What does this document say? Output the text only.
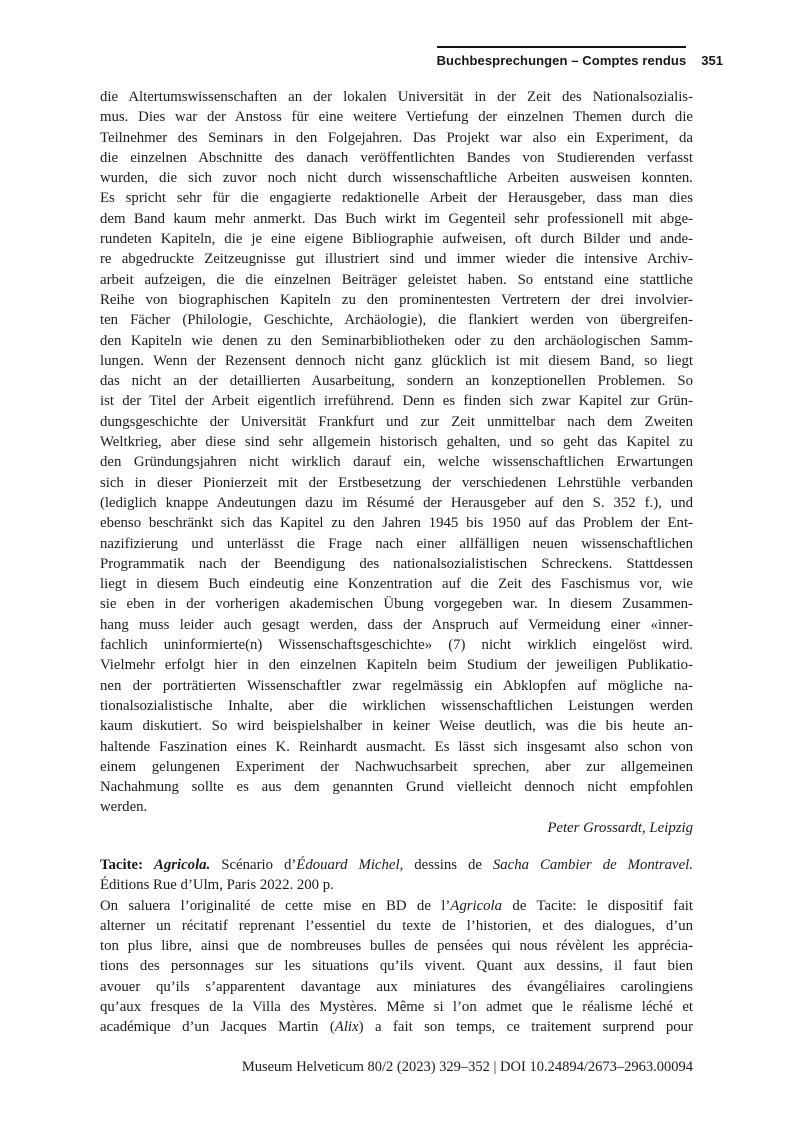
Buchbesprechungen – Comptes rendus 351
die Altertumswissenschaften an der lokalen Universität in der Zeit des Nationalsozialis-
mus. Dies war der Anstoss für eine weitere Vertiefung der einzelnen Themen durch die
Teilnehmer des Seminars in den Folgejahren. Das Projekt war also ein Experiment, da
die einzelnen Abschnitte des danach veröffentlichten Bandes von Studierenden verfasst
wurden, die sich zuvor noch nicht durch wissenschaftliche Arbeiten ausweisen konnten.
Es spricht sehr für die engagierte redaktionelle Arbeit der Herausgeber, dass man dies
dem Band kaum mehr anmerkt. Das Buch wirkt im Gegenteil sehr professionell mit abge-
rundeten Kapiteln, die je eine eigene Bibliographie aufweisen, oft durch Bilder und ande-
re abgedruckte Zeitzeugnisse gut illustriert sind und immer wieder die intensive Archiv-
arbeit aufzeigen, die die einzelnen Beiträger geleistet haben. So entstand eine stattliche
Reihe von biographischen Kapiteln zu den prominentesten Vertretern der drei involvier-
ten Fächer (Philologie, Geschichte, Archäologie), die flankiert werden von übergreifen-
den Kapiteln wie denen zu den Seminarbibliotheken oder zu den archäologischen Samm-
lungen. Wenn der Rezensent dennoch nicht ganz glücklich ist mit diesem Band, so liegt
das nicht an der detaillierten Ausarbeitung, sondern an konzeptionellen Problemen. So
ist der Titel der Arbeit eigentlich irreführend. Denn es finden sich zwar Kapitel zur Grün-
dungsgeschichte der Universität Frankfurt und zur Zeit unmittelbar nach dem Zweiten
Weltkrieg, aber diese sind sehr allgemein historisch gehalten, und so geht das Kapitel zu
den Gründungsjahren nicht wirklich darauf ein, welche wissenschaftlichen Erwartungen
sich in dieser Pionierzeit mit der Erstbesetzung der verschiedenen Lehrstühle verbanden
(lediglich knappe Andeutungen dazu im Résumé der Herausgeber auf den S. 352 f.), und
ebenso beschränkt sich das Kapitel zu den Jahren 1945 bis 1950 auf das Problem der Ent-
nazifizierung und unterlässt die Frage nach einer allfälligen neuen wissenschaftlichen
Programmatik nach der Beendigung des nationalsozialistischen Schreckens. Stattdessen
liegt in diesem Buch eindeutig eine Konzentration auf die Zeit des Faschismus vor, wie
sie eben in der vorherigen akademischen Übung vorgegeben war. In diesem Zusammen-
hang muss leider auch gesagt werden, dass der Anspruch auf Vermeidung einer «inner-
fachlich uninformierte(n) Wissenschaftsgeschichte» (7) nicht wirklich eingelöst wird.
Vielmehr erfolgt hier in den einzelnen Kapiteln beim Studium der jeweiligen Publikatio-
nen der porträtierten Wissenschaftler zwar regelmässig ein Abklopfen auf mögliche na-
tionalsozialistische Inhalte, aber die wirklichen wissenschaftlichen Leistungen werden
kaum diskutiert. So wird beispielshalber in keiner Weise deutlich, was die bis heute an-
haltende Faszination eines K. Reinhardt ausmacht. Es lässt sich insgesamt also schon von
einem gelungenen Experiment der Nachwuchsarbeit sprechen, aber zur allgemeinen
Nachahmung sollte es aus dem genannten Grund vielleicht dennoch nicht empfohlen
werden.
Peter Grossardt, Leipzig
Tacite: Agricola. Scénario d’Édouard Michel, dessins de Sacha Cambier de Montravel.
Éditions Rue d’Ulm, Paris 2022. 200 p.
On saluera l’originalité de cette mise en BD de l’Agricola de Tacite: le dispositif fait
alterner un récitatif reprenant l’essentiel du texte de l’historien, et des dialogues, d’un
ton plus libre, ainsi que de nombreuses bulles de pensées qui nous révèlent les apprécia-
tions des personnages sur les situations qu’ils vivent. Quant aux dessins, il faut bien
avouer qu’ils s’apparentent davantage aux miniatures des évangéliaires carolingiens
qu’aux fresques de la Villa des Mystères. Même si l’on admet que le réalisme léché et
académique d’un Jacques Martin (Alix) a fait son temps, ce traitement surprend pour
Museum Helveticum 80/2 (2023) 329–352 | DOI 10.24894/2673–2963.00094
